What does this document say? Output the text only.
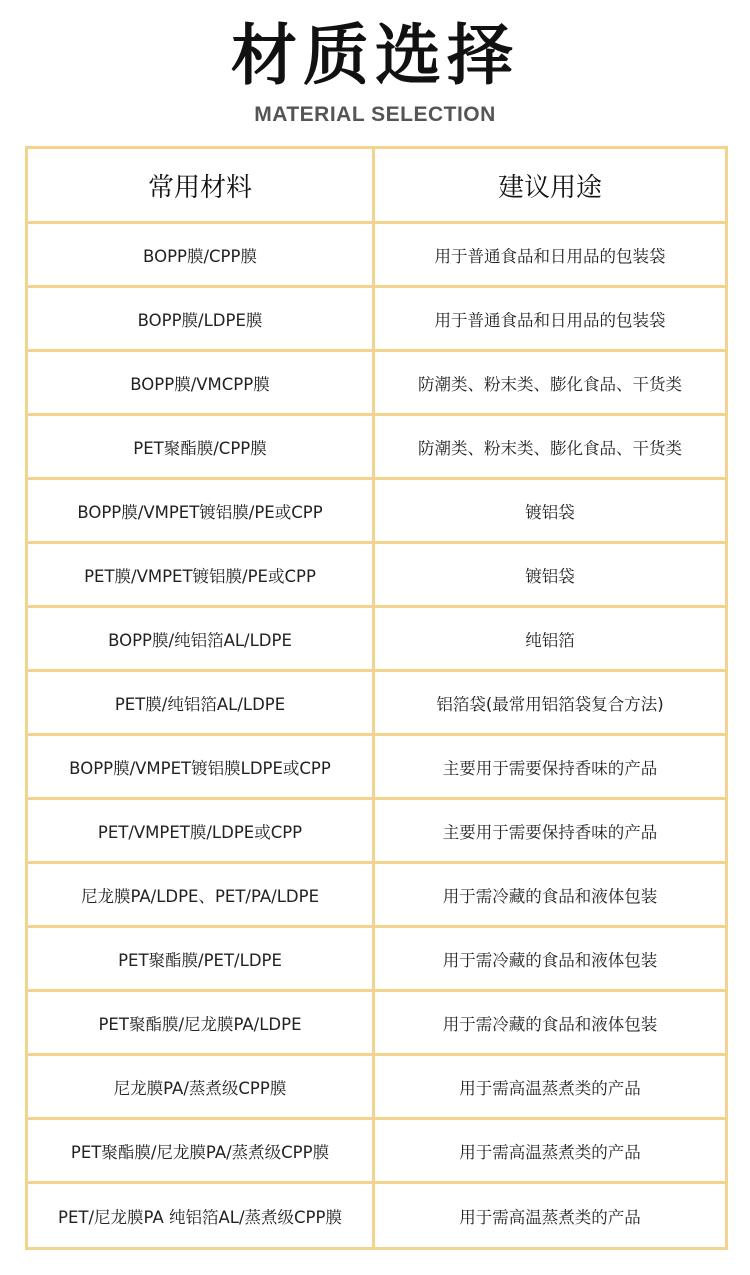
材质选择
MATERIAL SELECTION
常用材料	建议用途
BOPP膜/CPP膜	用于普通食品和日用品的包装袋
BOPP膜/LDPE膜	用于普通食品和日用品的包装袋
BOPP膜/VMCPP膜	防潮类、粉末类、膨化食品、干货类
PET聚酯膜/CPP膜	防潮类、粉末类、膨化食品、干货类
BOPP膜/VMPET镀铝膜/PE或CPP	镀铝袋
PET膜/VMPET镀铝膜/PE或CPP	镀铝袋
BOPP膜/纯铝箔AL/LDPE	纯铝箔
PET膜/纯铝箔AL/LDPE	铝箔袋(最常用铝箔袋复合方法)
BOPP膜/VMPET镀铝膜LDPE或CPP	主要用于需要保持香味的产品
PET/VMPET膜/LDPE或CPP	主要用于需要保持香味的产品
尼龙膜PA/LDPE、PET/PA/LDPE	用于需冷藏的食品和液体包装
PET聚酯膜/PET/LDPE	用于需冷藏的食品和液体包装
PET聚酯膜/尼龙膜PA/LDPE	用于需冷藏的食品和液体包装
尼龙膜PA/蒸煮级CPP膜	用于需高温蒸煮类的产品
PET聚酯膜/尼龙膜PA/蒸煮级CPP膜	用于需高温蒸煮类的产品
PET/尼龙膜PA 纯铝箔AL/蒸煮级CPP膜	用于需高温蒸煮类的产品
